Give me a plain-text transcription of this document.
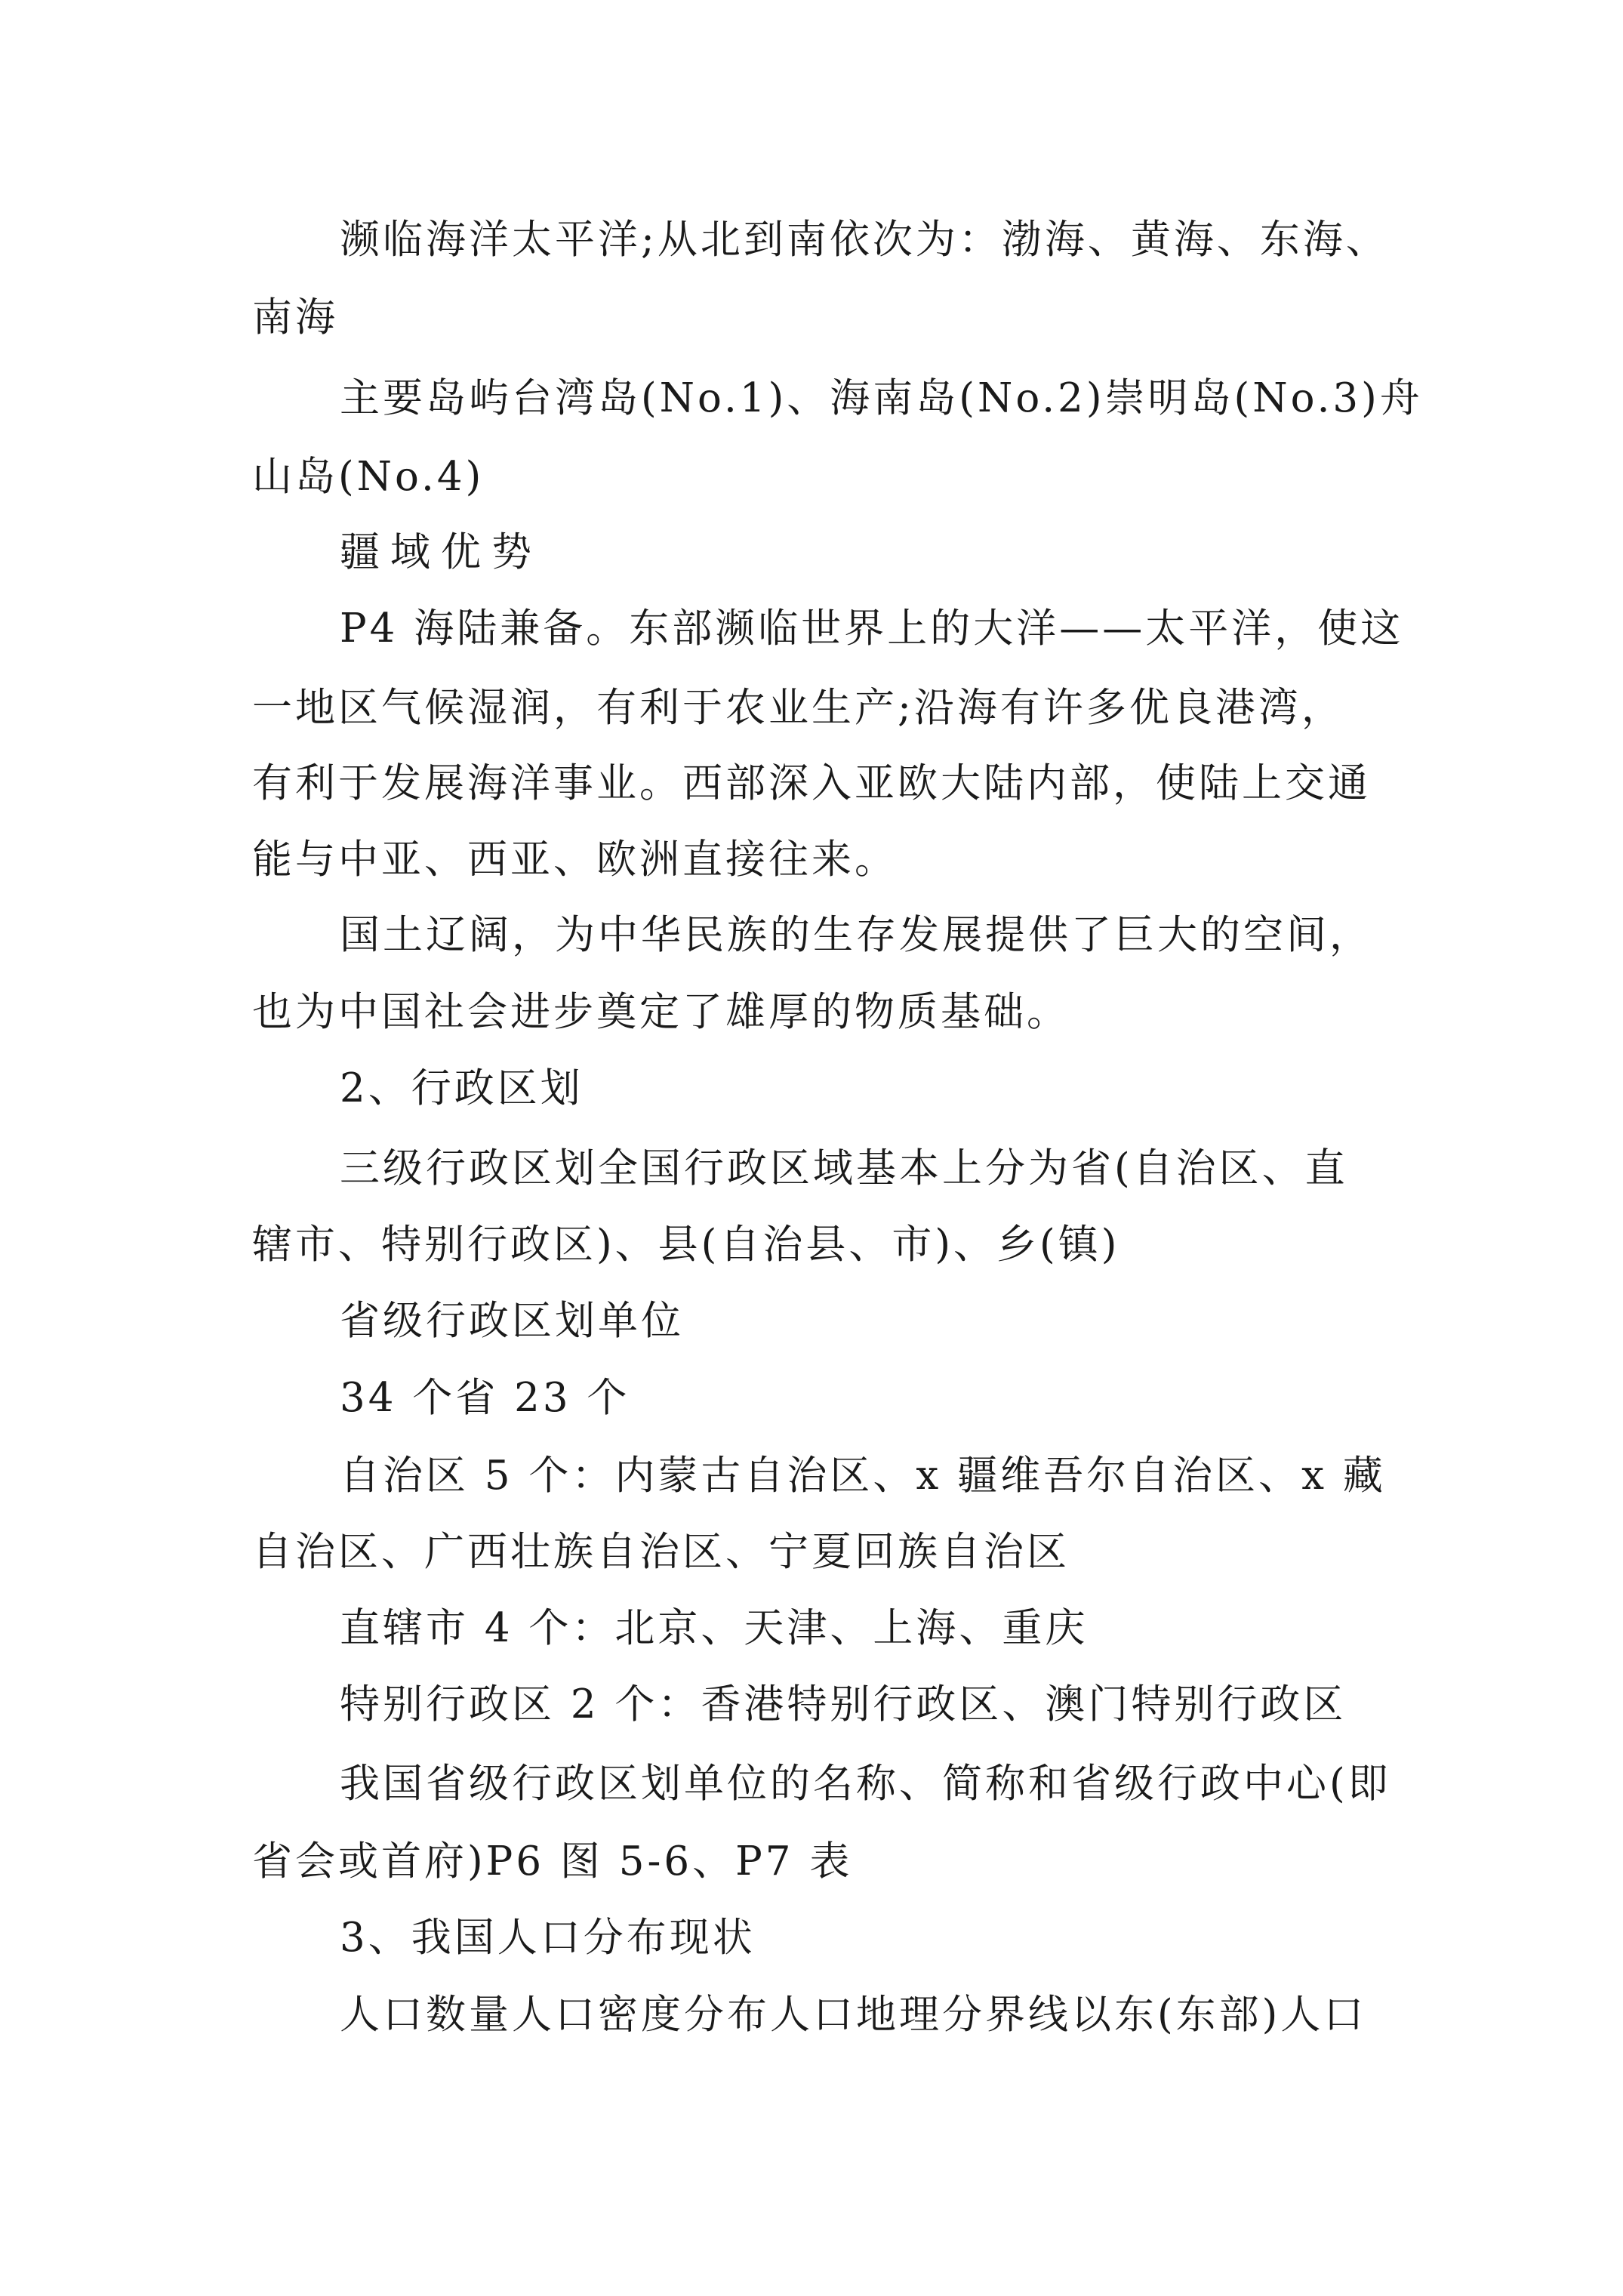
濒临海洋太平洋;从北到南依次为：渤海、黄海、东海、
南海
主要岛屿台湾岛(No.1)、海南岛(No.2)崇明岛(No.3)舟
山岛(No.4)
疆域优势
P4 海陆兼备。东部濒临世界上的大洋——太平洋，使这
一地区气候湿润，有利于农业生产;沿海有许多优良港湾，
有利于发展海洋事业。西部深入亚欧大陆内部，使陆上交通
能与中亚、西亚、欧洲直接往来。
国土辽阔，为中华民族的生存发展提供了巨大的空间，
也为中国社会进步奠定了雄厚的物质基础。
2、行政区划
三级行政区划全国行政区域基本上分为省(自治区、直
辖市、特别行政区)、县(自治县、市)、乡(镇)
省级行政区划单位
34 个省 23 个
自治区 5 个：内蒙古自治区、x 疆维吾尔自治区、x 藏
自治区、广西壮族自治区、宁夏回族自治区
直辖市 4 个：北京、天津、上海、重庆
特别行政区 2 个：香港特别行政区、澳门特别行政区
我国省级行政区划单位的名称、简称和省级行政中心(即
省会或首府)P6 图 5-6、P7 表
3、我国人口分布现状
人口数量人口密度分布人口地理分界线以东(东部)人口
